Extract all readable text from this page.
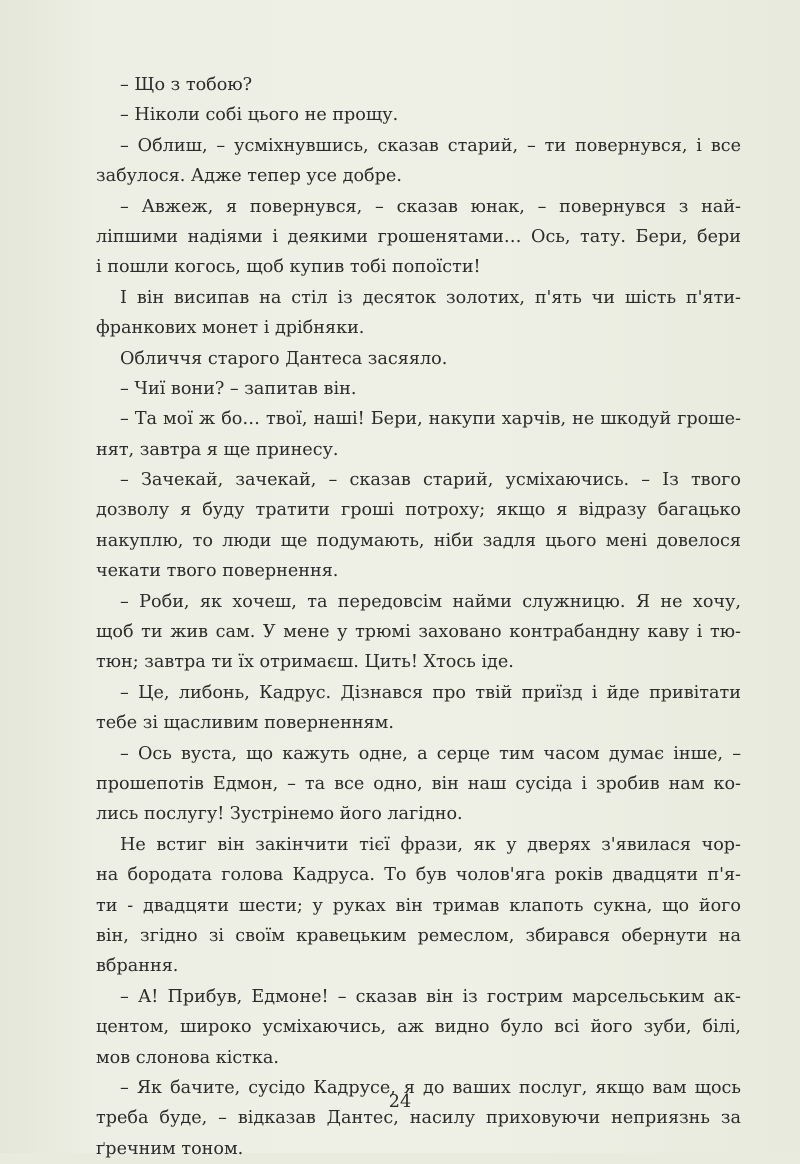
– Що з тобою?
– Ніколи собі цього не прощу.
– Облиш, – усміхнувшись, сказав старий, – ти повернувся, і все
забулося. Адже тепер усе добре.
– Авжеж, я повернувся, – сказав юнак, – повернувся з най-
ліпшими надіями і деякими грошенятами… Ось, тату. Бери, бери
і пошли когось, щоб купив тобі попоїсти!
І він висипав на стіл із десяток золотих, п'ять чи шість п'яти-
франкових монет і дрібняки.
Обличчя старого Дантеса засяяло.
– Чиї вони? – запитав він.
– Та мої ж бо… твої, наші! Бери, накупи харчів, не шкодуй гроше-
нят, завтра я ще принесу.
– Зачекай, зачекай, – сказав старий, усміхаючись. – Із твого
дозволу я буду тратити гроші потроху; якщо я відразу багацько
накуплю, то люди ще подумають, ніби задля цього мені довелося
чекати твого повернення.
– Роби, як хочеш, та передовсім найми служницю. Я не хочу,
щоб ти жив сам. У мене у трюмі заховано контрабандну каву і тю-
тюн; завтра ти їх отримаєш. Цить! Хтось іде.
– Це, либонь, Кадрус. Дізнався про твій приїзд і йде привітати
тебе зі щасливим поверненням.
– Ось вуста, що кажуть одне, а серце тим часом думає інше, –
прошепотів Едмон, – та все одно, він наш сусіда і зробив нам ко-
лись послугу! Зустрінемо його лагідно.
Не встиг він закінчити тієї фрази, як у дверях з'явилася чор-
на бородата голова Кадруса. То був чолов'яга років двадцяти п'я-
ти - двадцяти шести; у руках він тримав клапоть сукна, що його
він, згідно зі своїм кравецьким ремеслом, збирався обернути на
вбрання.
– А! Прибув, Едмоне! – сказав він із гострим марсельським ак-
центом, широко усміхаючись, аж видно було всі його зуби, білі,
мов слонова кістка.
– Як бачите, сусідо Кадрусе, я до ваших послуг, якщо вам щось
треба буде, – відказав Дантес, насилу приховуючи неприязнь за
ґречним тоном.
24
